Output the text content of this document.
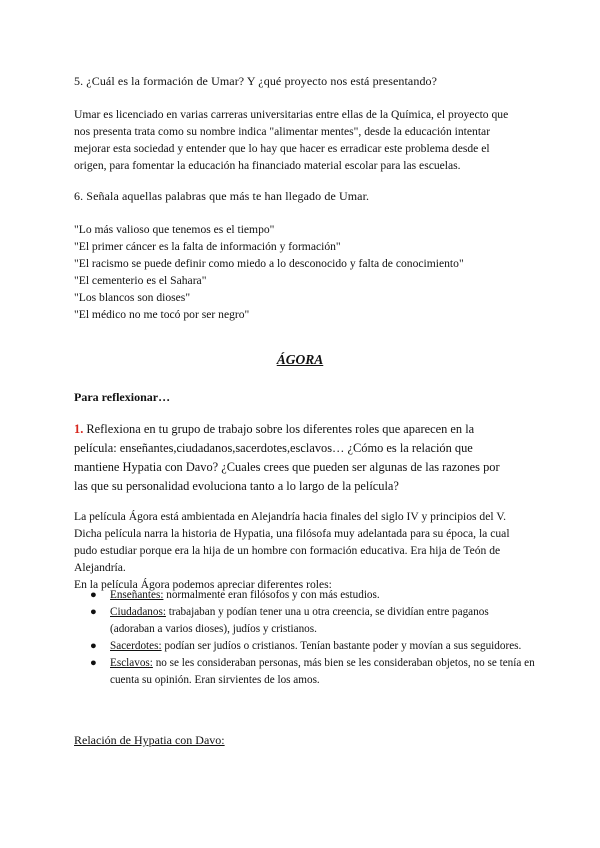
5. ¿Cuál es la formación de Umar? Y ¿qué proyecto nos está presentando?

Umar es licenciado en varias carreras universitarias entre ellas de la Química, el proyecto que

nos presenta trata como su nombre indica "alimentar mentes", desde la educación intentar

mejorar esta sociedad y entender que lo hay que hacer es erradicar este problema desde el

origen, para fomentar la educación ha financiado material escolar para las escuelas.

6. Señala aquellas palabras que más te han llegado de Umar.
"Lo más valioso que tenemos es el tiempo"
"El primer cáncer es la falta de información y formación"
"El racismo se puede definir como miedo a lo desconocido y falta de conocimiento"
"El cementerio es el Sahara"
"Los blancos son dioses"
"El médico no me tocó por ser negro"
ÁGORA
Para reflexionar…
1. Reflexiona en tu grupo de trabajo sobre los diferentes roles que aparecen en la
película: enseñantes,ciudadanos,sacerdotes,esclavos… ¿Cómo es la relación que
mantiene Hypatia con Davo? ¿Cuales crees que pueden ser algunas de las razones por
las que su personalidad evoluciona tanto a lo largo de la película?
La película Ágora está ambientada en Alejandría hacia finales del siglo IV y principios del V.
Dicha película narra la historia de Hypatia, una filósofa muy adelantada para su época, la cual
pudo estudiar porque era la hija de un hombre con formación educativa. Era hija de Teón de
Alejandría.
En la película Ágora podemos apreciar diferentes roles:
● Enseñantes: normalmente eran filósofos y con más estudios.
● Ciudadanos: trabajaban y podían tener una u otra creencia, se dividían entre paganos (adoraban a varios dioses), judíos y cristianos.
● Sacerdotes: podían ser judíos o cristianos. Tenían bastante poder y movían a sus seguidores.
● Esclavos: no se les consideraban personas, más bien se les consideraban objetos, no se tenía en cuenta su opinión. Eran sirvientes de los amos.
Relación de Hypatia con Davo:
